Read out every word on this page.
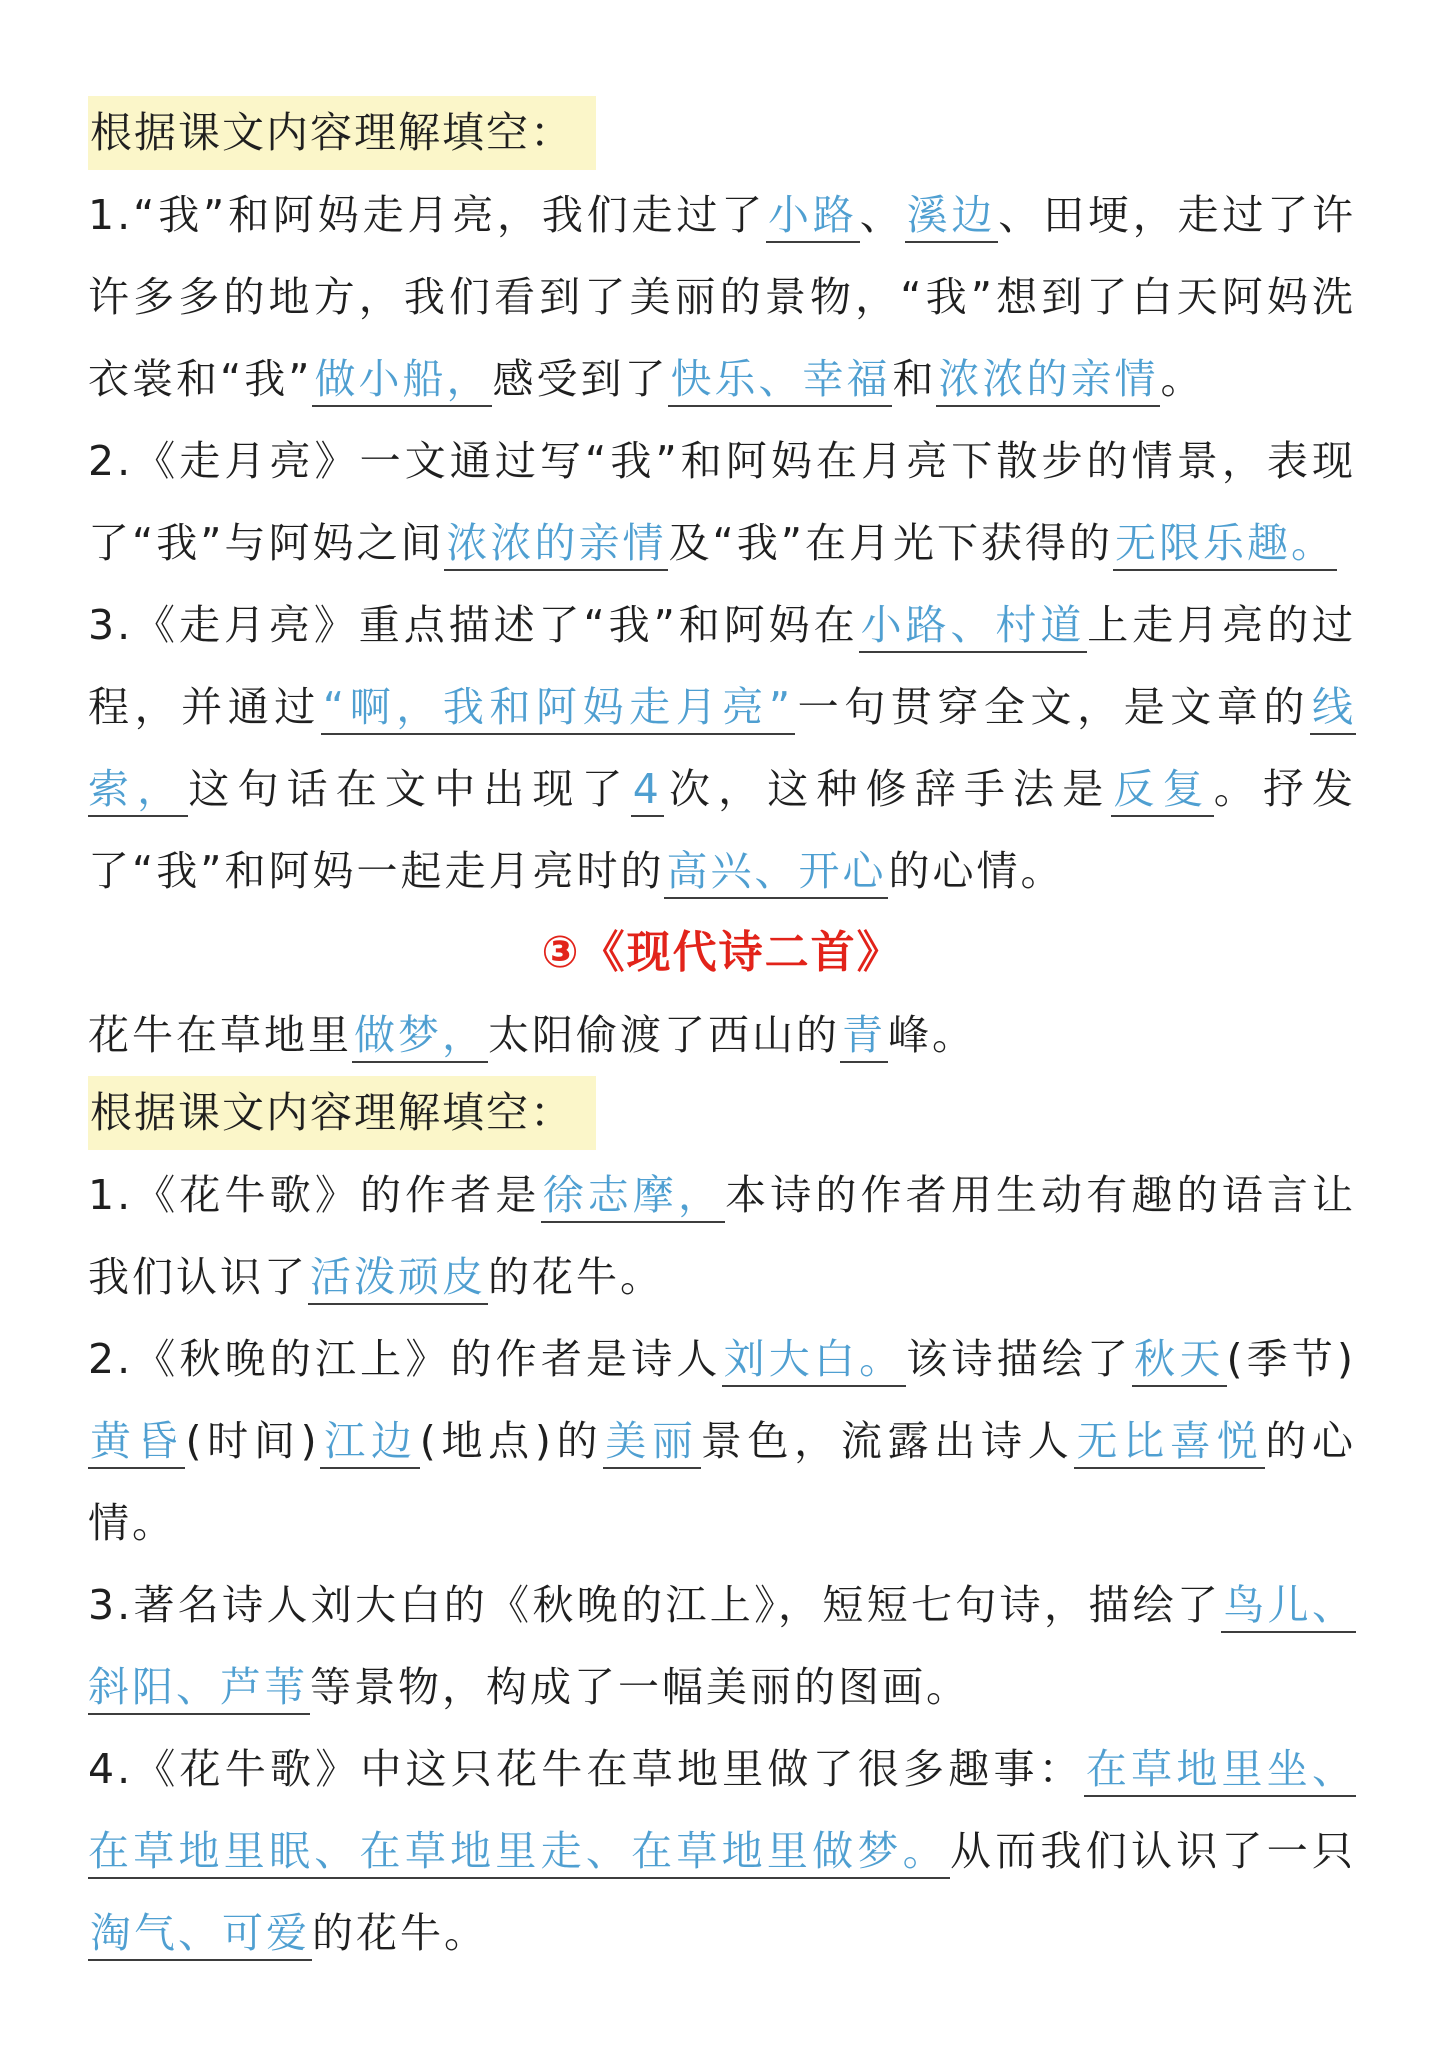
根据课文内容理解填空：
1.“我”和阿妈走月亮，我们走过了小路、溪边、田埂，走过了许许多多的地方，我们看到了美丽的景物，“我”想到了白天阿妈洗衣裳和“我”做小船，感受到了快乐、幸福和浓浓的亲情。
2.《走月亮》一文通过写“我”和阿妈在月亮下散步的情景，表现了“我”与阿妈之间浓浓的亲情及“我”在月光下获得的无限乐趣。
3.《走月亮》重点描述了“我”和阿妈在小路、村道上走月亮的过程，并通过“啊，我和阿妈走月亮”一句贯穿全文，是文章的线索，这句话在文中出现了4次，这种修辞手法是反复。抒发了“我”和阿妈一起走月亮时的高兴、开心的心情。
③《现代诗二首》
花牛在草地里做梦，太阳偷渡了西山的青峰。
根据课文内容理解填空：
1.《花牛歌》的作者是徐志摩，本诗的作者用生动有趣的语言让我们认识了活泼顽皮的花牛。
2.《秋晚的江上》的作者是诗人刘大白。该诗描绘了秋天(季节)黄昏(时间)江边(地点)的美丽景色，流露出诗人无比喜悦的心情。
3.著名诗人刘大白的《秋晚的江上》，短短七句诗，描绘了鸟儿、斜阳、芦苇等景物，构成了一幅美丽的图画。
4.《花牛歌》中这只花牛在草地里做了很多趣事：在草地里坐、在草地里眠、在草地里走、在草地里做梦。从而我们认识了一只淘气、可爱的花牛。
